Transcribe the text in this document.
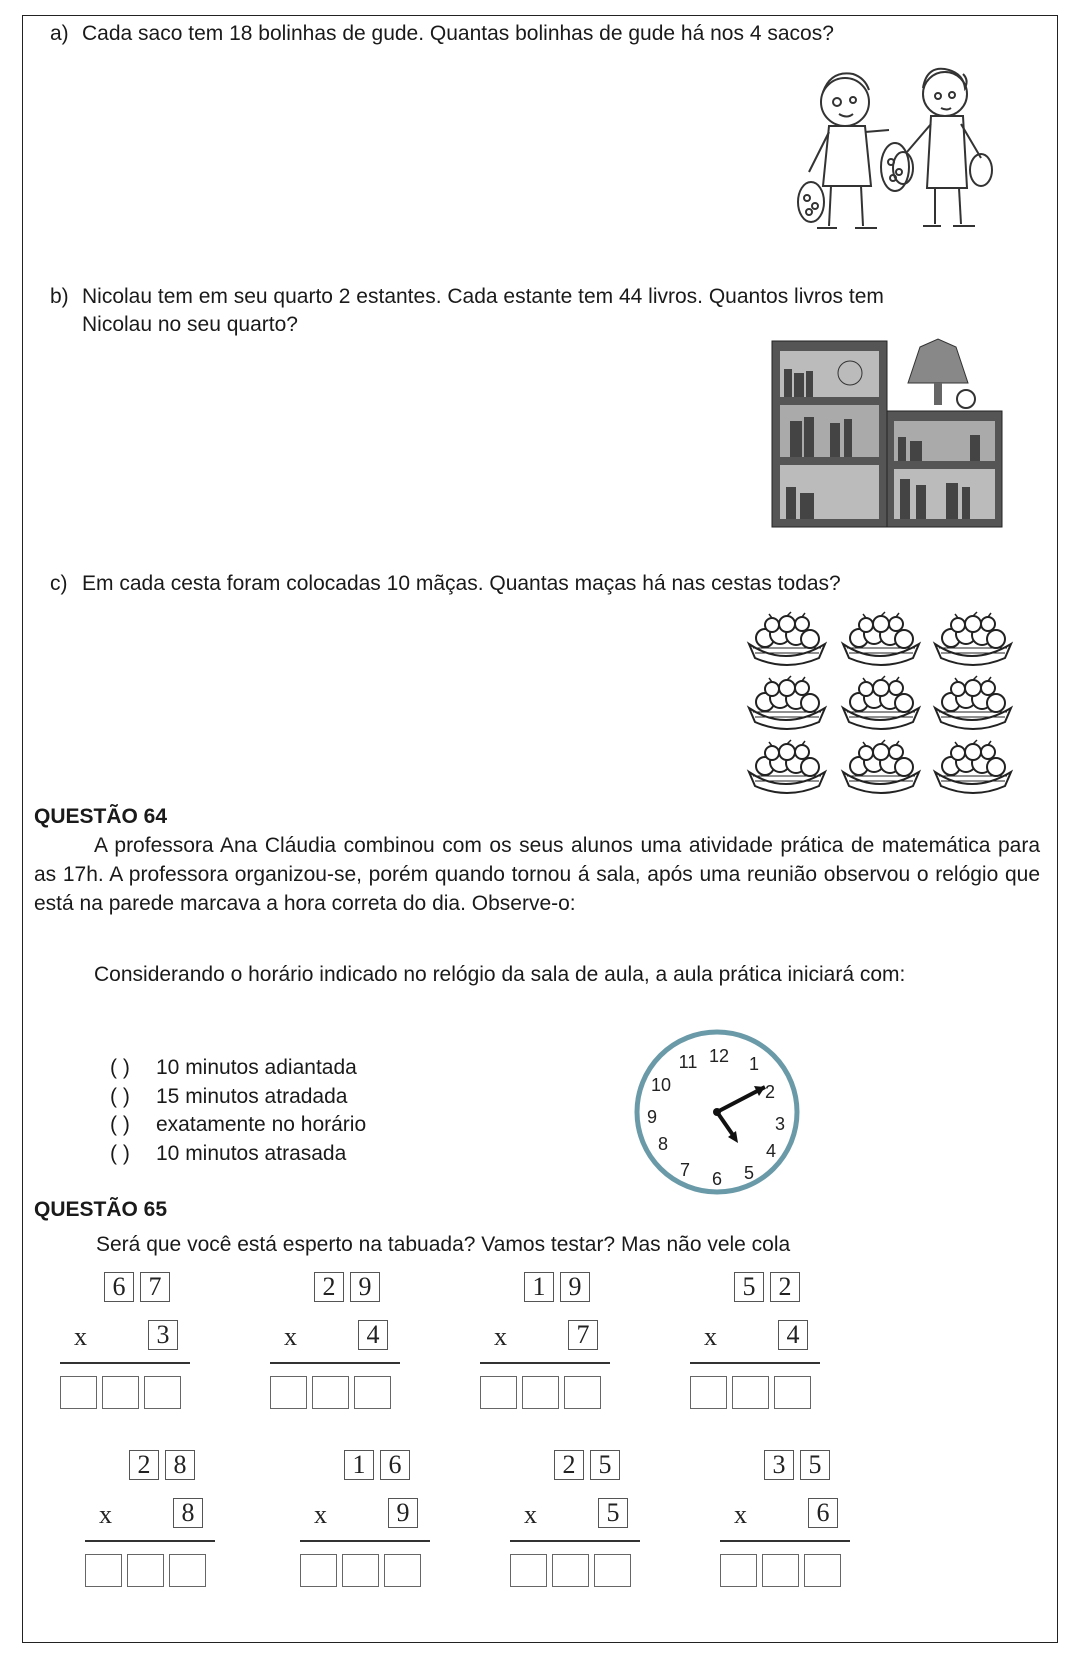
a) Cada saco tem 18 bolinhas de gude. Quantas bolinhas de gude há nos 4 sacos?
b) Nicolau tem em seu quarto 2 estantes. Cada estante tem 44 livros. Quantos livros tem
Nicolau no seu quarto?
c) Em cada cesta foram colocadas 10 mãças. Quantas maças há nas cestas todas?
QUESTÃO 64
A professora Ana Cláudia combinou com os seus alunos uma atividade prática de matemática para as 17h. A professora organizou-se, porém quando tornou á sala, após uma reunião observou o relógio que está na parede marcava a hora correta do dia. Observe-o:
Considerando o horário indicado no relógio da sala de aula, a aula prática iniciará com:
( ) 10 minutos adiantada
( ) 15 minutos atradada
( ) exatamente no horário
( ) 10 minutos atrasada
12 1
2
3
4
5
6
7
8
9
10
11
QUESTÃO 65
Será que você está esperto na tabuada? Vamos testar? Mas não vele cola
6 7
x	3
2 9
x	4
1 9
x	7
5 2
x	4
2 8
x	8
1 6
x	9
2 5
x	5
3 5
x	6
